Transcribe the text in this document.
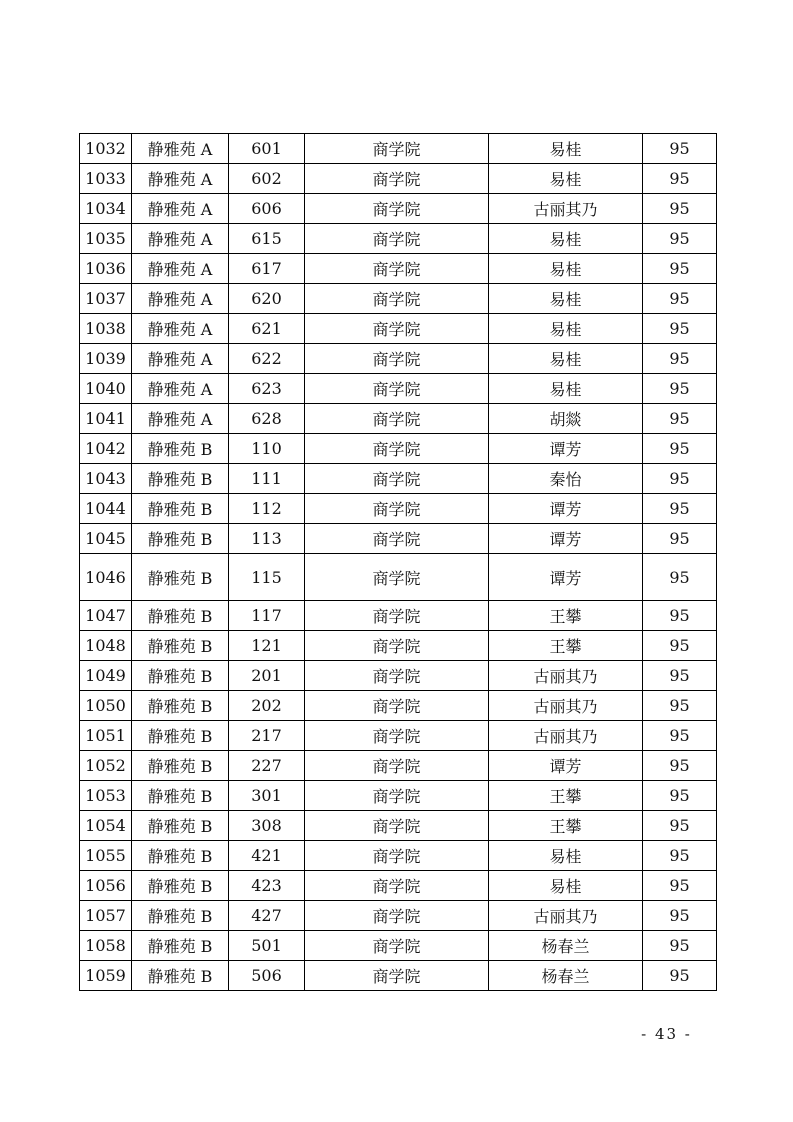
1032	静雅苑 A	601	商学院	易桂	95
1033	静雅苑 A	602	商学院	易桂	95
1034	静雅苑 A	606	商学院	古丽其乃	95
1035	静雅苑 A	615	商学院	易桂	95
1036	静雅苑 A	617	商学院	易桂	95
1037	静雅苑 A	620	商学院	易桂	95
1038	静雅苑 A	621	商学院	易桂	95
1039	静雅苑 A	622	商学院	易桂	95
1040	静雅苑 A	623	商学院	易桂	95
1041	静雅苑 A	628	商学院	胡燚	95
1042	静雅苑 B	110	商学院	谭芳	95
1043	静雅苑 B	111	商学院	秦怡	95
1044	静雅苑 B	112	商学院	谭芳	95
1045	静雅苑 B	113	商学院	谭芳	95
1046	静雅苑 B	115	商学院	谭芳	95
1047	静雅苑 B	117	商学院	王攀	95
1048	静雅苑 B	121	商学院	王攀	95
1049	静雅苑 B	201	商学院	古丽其乃	95
1050	静雅苑 B	202	商学院	古丽其乃	95
1051	静雅苑 B	217	商学院	古丽其乃	95
1052	静雅苑 B	227	商学院	谭芳	95
1053	静雅苑 B	301	商学院	王攀	95
1054	静雅苑 B	308	商学院	王攀	95
1055	静雅苑 B	421	商学院	易桂	95
1056	静雅苑 B	423	商学院	易桂	95
1057	静雅苑 B	427	商学院	古丽其乃	95
1058	静雅苑 B	501	商学院	杨春兰	95
1059	静雅苑 B	506	商学院	杨春兰	95
- 43 -
